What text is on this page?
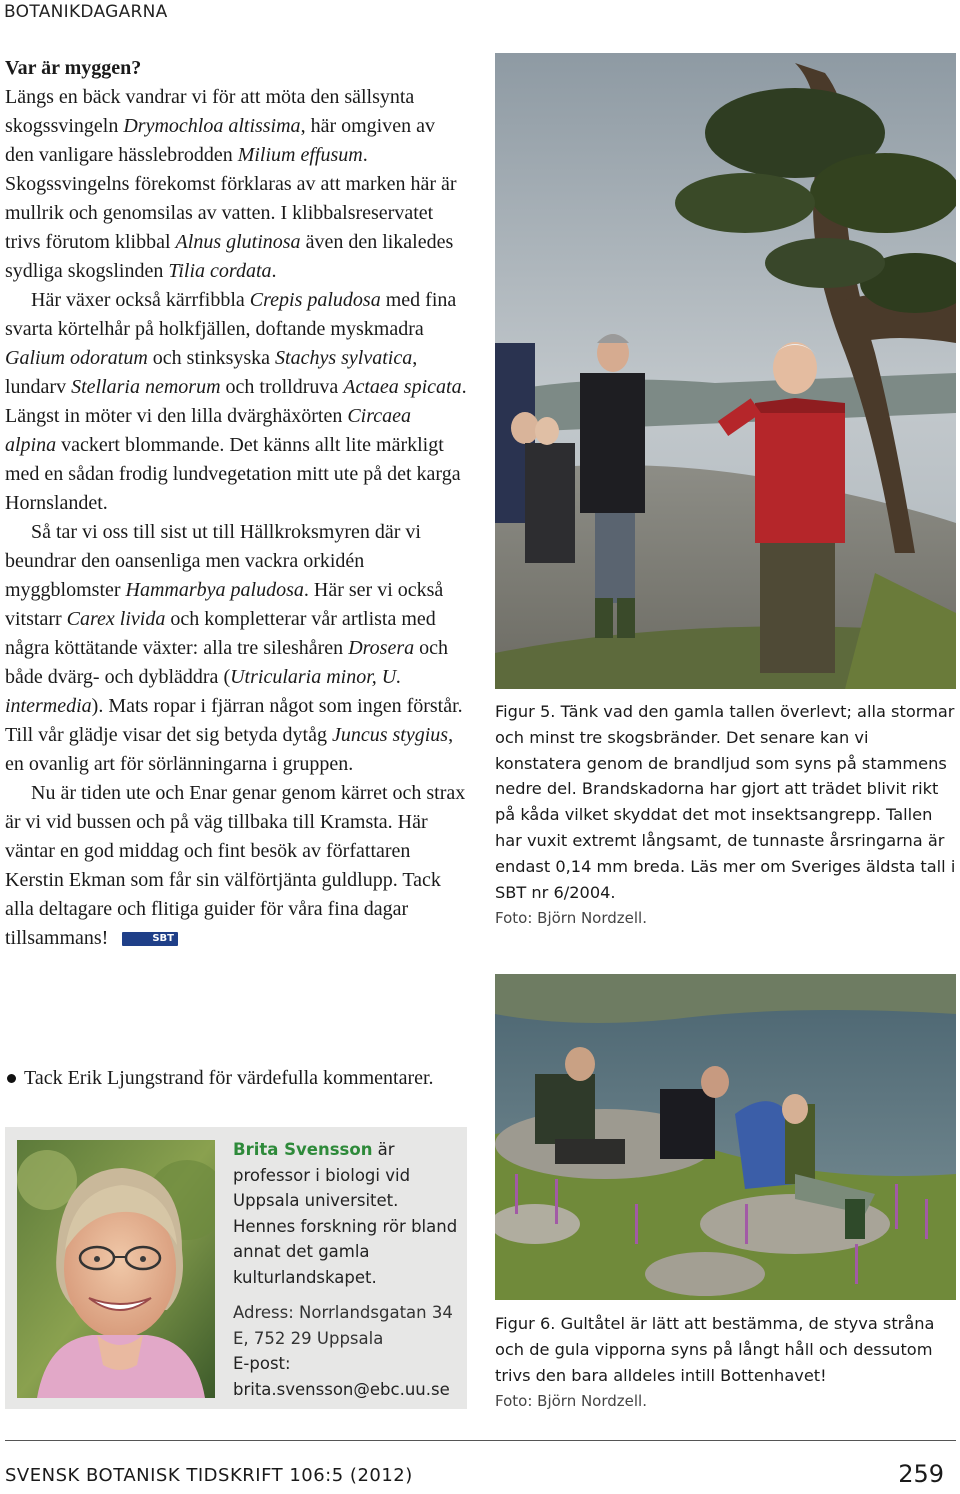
BOTANIKDAGARNA
Var är myggen?

Längs en bäck vandrar vi för att möta den sällsynta skogssvingeln Drymochloa altissima, här omgiven av den vanligare hässlebrodden Milium effusum. Skogssvingelns förekomst förklaras av att marken här är mullrik och genomsilas av vatten. I klibbalsreservatet trivs förutom klibbal Alnus glutinosa även den likaledes sydliga skogslinden Tilia cordata.

Här växer också kärrfibbla Crepis paludosa med fina svarta körtelhår på holkfjällen, doftande myskmadra Galium odoratum och stinksyska Stachys sylvatica, lundarv Stellaria nemorum och trolldruva Actaea spicata. Längst in möter vi den lilla dvärghäxörten Circaea alpina vackert blommande. Det känns allt lite märkligt med en sådan frodig lundvegetation mitt ute på det karga Hornslandet.

Så tar vi oss till sist ut till Hällkroksmyren där vi beundrar den oansenliga men vackra orkidén myggblomster Hammarbya paludosa. Här ser vi också vitstarr Carex livida och kompletterar vår artlista med några köttätande växter: alla tre sileshåren Drosera och både dvärg- och dybläddra (Utricularia minor, U. intermedia). Mats ropar i fjärran något som ingen förstår. Till vår glädje visar det sig betyda dytåg Juncus stygius, en ovanlig art för sörlänningarna i gruppen.

Nu är tiden ute och Enar genar genom kärret och strax är vi vid bussen och på väg tillbaka till Kramsta. Här väntar en god middag och fint besök av författaren Kerstin Ekman som får sin välförtjänta guldlupp. Tack alla deltagare och flitiga guider för våra fina dagar tillsammans!	SBT

Tack Erik Ljungstrand för värdefulla kommentarer.
Brita Svensson är professor i biologi vid Uppsala universitet. Hennes forskning rör bland annat det gamla kulturlandskapet.
Adress: Norrlandsgatan 34 E, 752 29 Uppsala
E-post: brita.svensson@ebc.uu.se
Figur 5. Tänk vad den gamla tallen överlevt; alla stormar och minst tre skogsbränder. Det senare kan vi konstatera genom de brandljud som syns på stammens nedre del. Brandskadorna har gjort att trädet blivit rikt på kåda vilket skyddat det mot insektsangrepp. Tallen har vuxit extremt långsamt, de tunnaste årsringarna är endast 0,14 mm breda. Läs mer om Sveriges äldsta tall i SBT nr 6/2004.
Foto: Björn Nordzell.
Figur 6. Gultåtel är lätt att bestämma, de styva stråna och de gula vipporna syns på långt håll och dessutom trivs den bara alldeles intill Bottenhavet!
Foto: Björn Nordzell.
SVENSK BOTANISK TIDSKRIFT 106:5 (2012)	259
